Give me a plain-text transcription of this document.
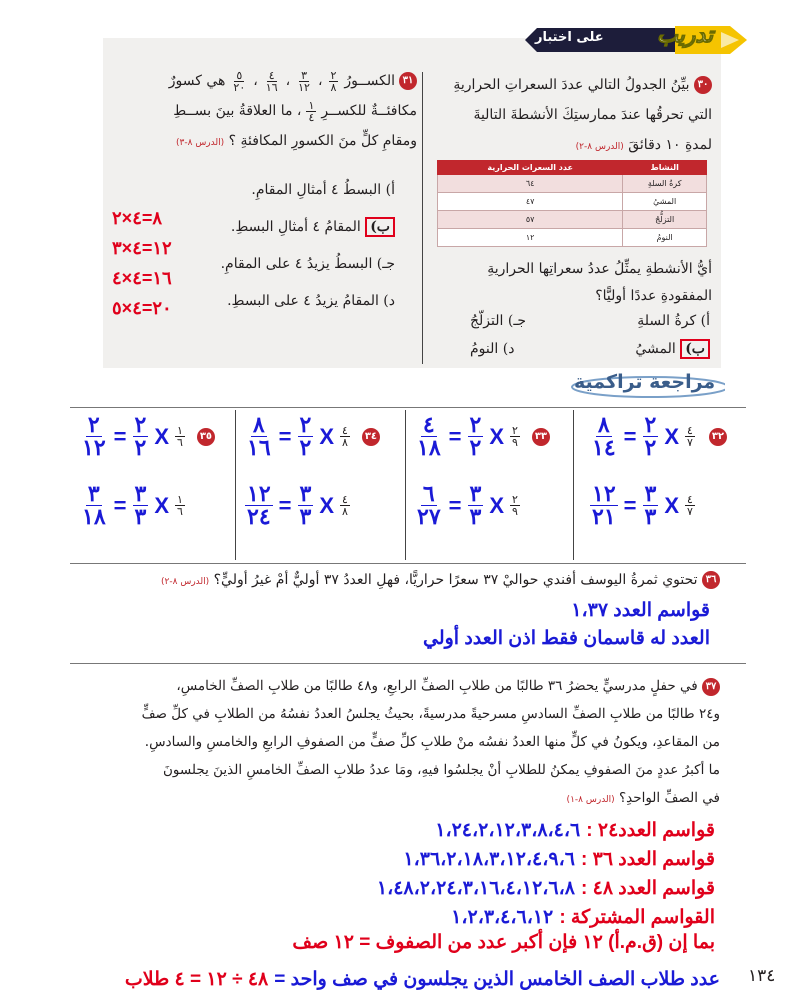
على اختبار تدريب
٣٠ بيِّنُ الجدولُ التالي عددَ السعراتِ الحراريةِ
التي تحرقُها عندَ ممارستِكَ الأنشطةَ التاليةَ
لمدةِ ١٠ دقائقَ (الدرس ٨-٢)
النشاط	عدد السعرات الحرارية
كرةُ السلةِ	٦٤
المشيُ	٤٧
التزلُّجُ	٥٧
النومُ	١٢
أيُّ الأنشطةِ يمثِّلُ عددُ سعراتِها الحراريةِ
المفقودةِ عددًا أوليًّا؟
أ) كرةُ السلةِ
جـ) التزلّجُ
ب) المشيُ
د) النومُ
٣١
الكســورُ
$\frac{٢}{٨}$
،
$\frac{٣}{١٢}$
،
$\frac{٤}{١٦}$
،
$\frac{٥}{٢٠}$
هي كسورٌ
مكافئــةٌ للكســرِ
$\frac{١}{٤}$
، ما العلاقةُ بينَ بســطِ
ومقامِ كلٍّ منَ الكسورِ المكافئةِ ؟ (الدرس ٨-٣)
أ) البسطُ ٤ أمثالِ المقامِ.
ب) المقامُ ٤ أمثالِ البسطِ.
جـ) البسطُ يزيدُ ٤ على المقامِ.
د) المقامُ يزيدُ ٤ على البسطِ.
٨=٤×٢
١٢=٤×٣
١٦=٤×٤
٢٠=٤×٥
مراجعة تراكمية
$\frac{٨}{١٤} = \frac{٢}{٢}$ X $\frac{٤}{٧}$ ٣٢
$\frac{١٢}{٢١} = \frac{٣}{٣}$ X $\frac{٤}{٧}$
$\frac{٤}{١٨} = \frac{٢}{٢}$ X $\frac{٢}{٩}$ ٣٣
$\frac{٦}{٢٧} = \frac{٣}{٣}$ X $\frac{٢}{٩}$
$\frac{٨}{١٦} = \frac{٢}{٢}$ X $\frac{٤}{٨}$ ٣٤
$\frac{١٢}{٢٤} = \frac{٣}{٣}$ X $\frac{٤}{٨}$
$\frac{٢}{١٢} = \frac{٢}{٢}$ X $\frac{١}{٦}$ ٣٥
$\frac{٣}{١٨} = \frac{٣}{٣}$ X $\frac{١}{٦}$
٣٦ تحتوي ثمرةُ اليوسف أفندي حواليْ ٣٧ سعرًا حراريًّا، فهلِ العددُ ٣٧ أوليٌّ أمْ غيرُ أوليٍّ؟ (الدرس ٨-٢)
قواسم العدد ١،٣٧
العدد له قاسمان فقط اذن العدد أولي
٣٧ في حفلٍ مدرسيٍّ يحضرُ ٣٦ طالبًا من طلابِ الصفِّ الرابعِ، و٤٨ طالبًا من طلابِ الصفِّ الخامسِ،
و٢٤ طالبًا من طلابِ الصفِّ السادسِ مسرحيةً مدرسيةً، بحيثُ يجلسُ العددُ نفسُهُ من الطلابِ في كلِّ صفٍّ
من المقاعدِ، ويكونُ في كلٍّ منها العددُ نفسُه منْ طلابِ كلِّ صفٍّ من الصفوفِ الرابعِ والخامسِ والسادسِ.
ما أكبرُ عددٍ منَ الصفوفِ يمكنُ للطلابِ أنْ يجلسُوا فيهِ، ومَا عددُ طلابِ الصفِّ الخامسِ الذينَ يجلسونَ
في الصفِّ الواحدِ؟ (الدرس ٨-١)
قواسم العدد٢٤ : ١،٢٤،٢،١٢،٣،٨،٤،٦
قواسم العدد ٣٦ : ١،٣٦،٢،١٨،٣،١٢،٤،٩،٦
قواسم العدد ٤٨ : ١،٤٨،٢،٢٤،٣،١٦،٤،١٢،٦،٨
القواسم المشتركة : ١،٢،٣،٤،٦،١٢
بما إن (ق.م.أ) ١٢ فإن أكبر عدد من الصفوف = ١٢ صف
عدد طلاب الصف الخامس الذين يجلسون في صف واحد = ٤٨ ÷ ١٢ = ٤ طلاب	١٣٤
